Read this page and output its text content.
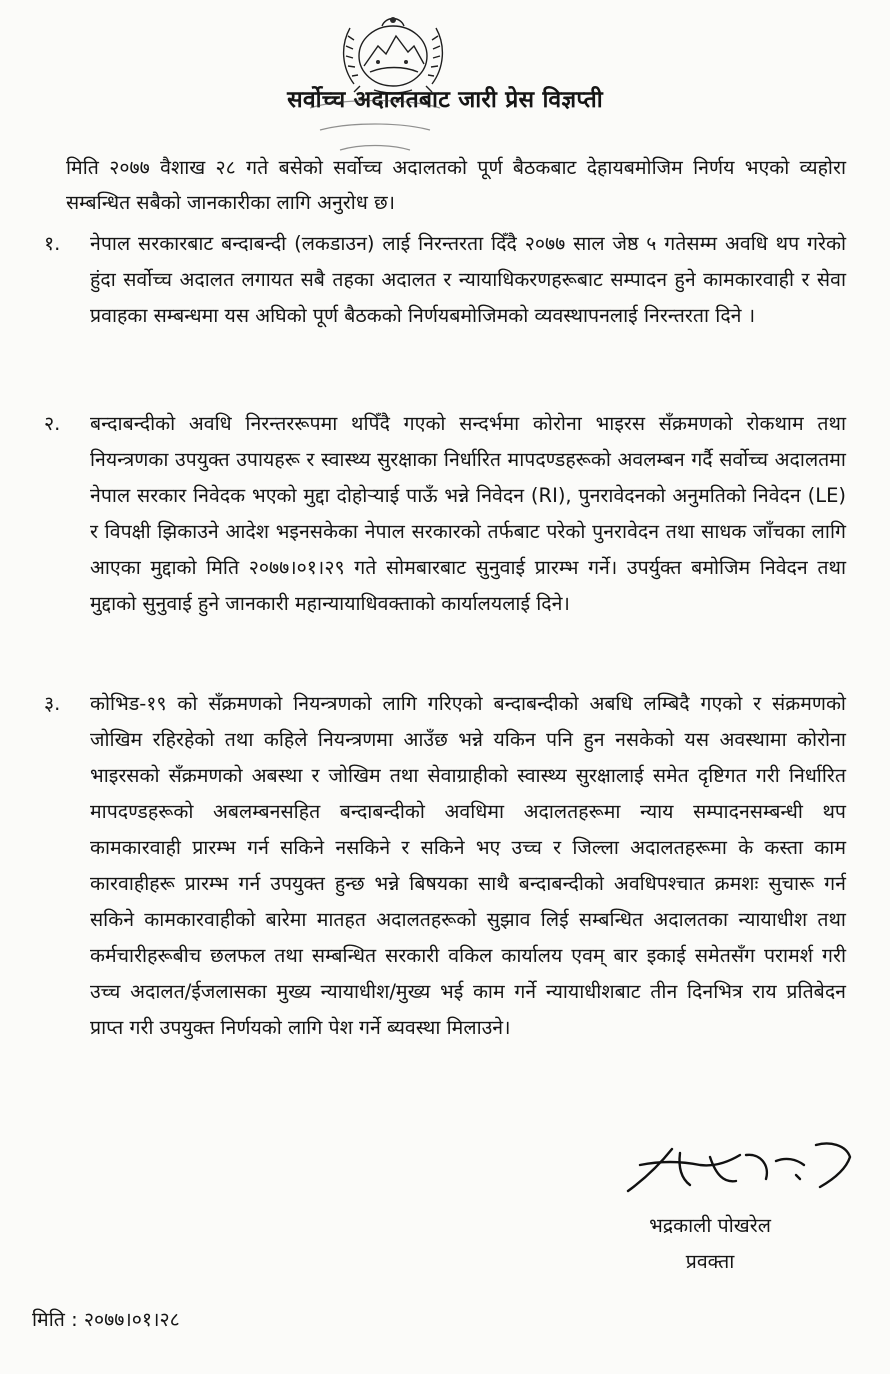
सर्वोच्च अदालतबाट जारी प्रेस विज्ञप्ती
मिति २०७७ वैशाख २८ गते बसेको सर्वोच्च अदालतको पूर्ण बैठकबाट देहायबमोजिम निर्णय भएको व्यहोरा सम्बन्धित सबैको जानकारीका लागि अनुरोध छ।
१.	नेपाल सरकारबाट बन्दाबन्दी (लकडाउन) लाई निरन्तरता दिँदै २०७७ साल जेष्ठ ५ गतेसम्म अवधि थप गरेको हुंदा सर्वोच्च अदालत लगायत सबै तहका अदालत र न्यायाधिकरणहरूबाट सम्पादन हुने कामकारवाही र सेवा प्रवाहका सम्बन्धमा यस अघिको पूर्ण बैठकको निर्णयबमोजिमको व्यवस्थापनलाई निरन्तरता दिने ।
२.	बन्दाबन्दीको अवधि निरन्तररूपमा थपिँदै गएको सन्दर्भमा कोरोना भाइरस सँक्रमणको रोकथाम तथा नियन्त्रणका उपयुक्त उपायहरू र स्वास्थ्य सुरक्षाका निर्धारित मापदण्डहरूको अवलम्बन गर्दै सर्वोच्च अदालतमा नेपाल सरकार निवेदक भएको मुद्दा दोहोर्‍याई पाऊँ भन्ने निवेदन (RI), पुनरावेदनको अनुमतिको निवेदन (LE) र विपक्षी झिकाउने आदेश भइनसकेका नेपाल सरकारको तर्फबाट परेको पुनरावेदन तथा साधक जाँचका लागि आएका मुद्दाको मिति २०७७।०१।२९ गते सोमबारबाट सुनुवाई प्रारम्भ गर्ने। उपर्युक्त बमोजिम निवेदन तथा मुद्दाको सुनुवाई हुने जानकारी महान्यायाधिवक्ताको कार्यालयलाई दिने।
३.	कोभिड-१९ को सँक्रमणको नियन्त्रणको लागि गरिएको बन्दाबन्दीको अबधि लम्बिदै गएको र संक्रमणको जोखिम रहिरहेको तथा कहिले नियन्त्रणमा आउँछ भन्ने यकिन पनि हुन नसकेको यस अवस्थामा कोरोना भाइरसको सँक्रमणको अबस्था र जोखिम तथा सेवाग्राहीको स्वास्थ्य सुरक्षालाई समेत दृष्टिगत गरी निर्धारित मापदण्डहरूको अबलम्बनसहित बन्दाबन्दीको अवधिमा अदालतहरूमा न्याय सम्पादनसम्बन्धी थप कामकारवाही प्रारम्भ गर्न सकिने नसकिने र सकिने भए उच्च र जिल्ला अदालतहरूमा के कस्ता काम कारवाहीहरू प्रारम्भ गर्न उपयुक्त हुन्छ भन्ने बिषयका साथै बन्दाबन्दीको अवधिपश्चात क्रमशः सुचारू गर्न सकिने कामकारवाहीको बारेमा मातहत अदालतहरूको सुझाव लिई सम्बन्धित अदालतका न्यायाधीश तथा कर्मचारीहरूबीच छलफल तथा सम्बन्धित सरकारी वकिल कार्यालय एवम् बार इकाई समेतसँग परामर्श गरी उच्च अदालत/ईजलासका मुख्य न्यायाधीश/मुख्य भई काम गर्ने न्यायाधीशबाट तीन दिनभित्र राय प्रतिबेदन प्राप्त गरी उपयुक्त निर्णयको लागि पेश गर्ने ब्यवस्था मिलाउने।
भद्रकाली पोखरेल
प्रवक्ता
मिति : २०७७।०१।२८
